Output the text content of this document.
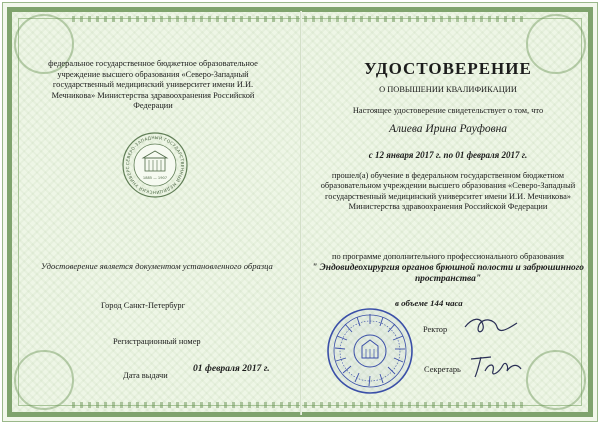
федеральное государственное бюджетное образовательное учреждение высшего образования «Северо-Западный государственный медицинский университет имени И.И. Мечникова» Министерства здравоохранения Российской Федерации
СЕВЕРО-ЗАПАДНЫЙ ГОСУДАРСТВЕННЫЙ МЕДИЦИНСКИЙ УНИВЕРС
1885 — 1907
Удостоверение является документом установленного образца
Город Санкт-Петербург
Регистрационный номер
Дата выдачи
01 февраля 2017 г.
УДОСТОВЕРЕНИЕ
О ПОВЫШЕНИИ КВАЛИФИКАЦИИ
Настоящее удостоверение свидетельствует о том, что
Алиева Ирина Рауфовна
с 12 января 2017 г. по 01 февраля 2017 г.
прошел(а) обучение в федеральном государственном бюджетном образовательном учреждении высшего образования «Северо-Западный государственный медицинский университет имени И.И. Мечникова» Министерства здравоохранения Российской Федерации
по программе дополнительного профессионального образования
" Эндовидеохирургия органов брюшной полости и забрюшинного пространства"
в объеме 144 часа
Ректор
Секретарь
